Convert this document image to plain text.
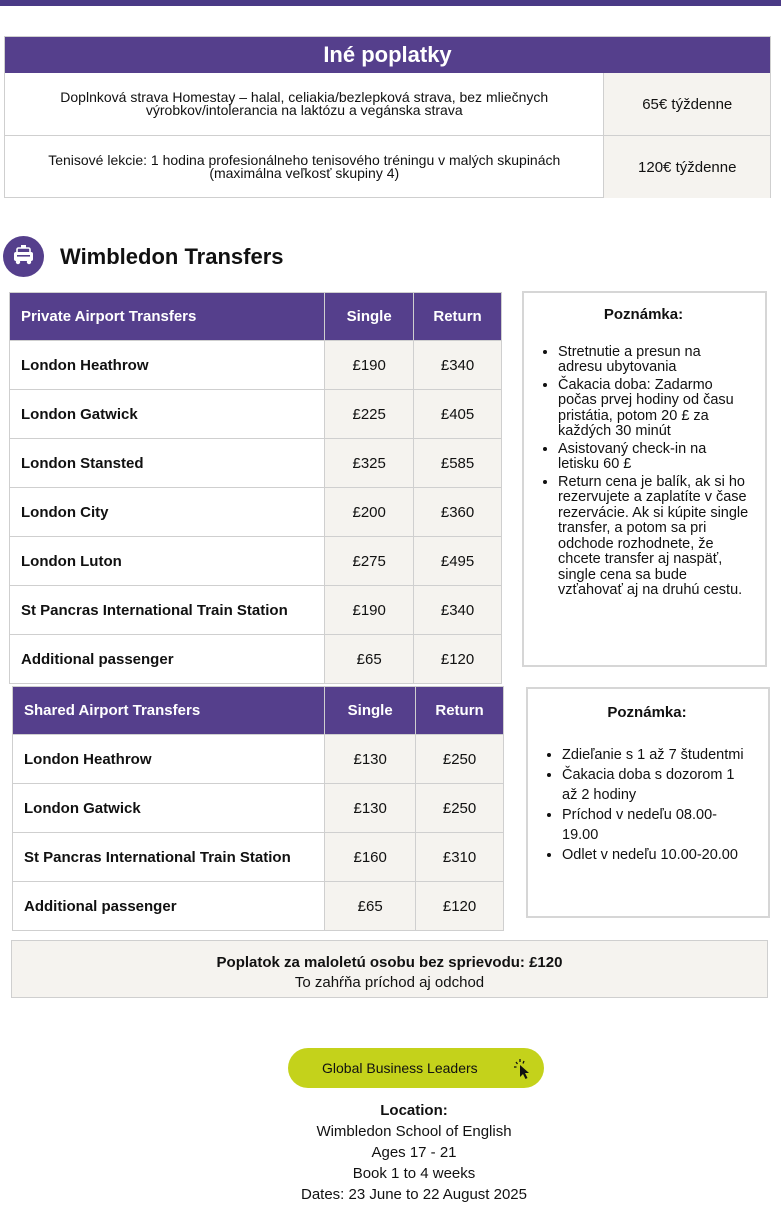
Iné poplatky
Doplnková strava Homestay – halal, celiakia/bezlepková strava, bez mliečnych výrobkov/intolerancia na laktózu a vegánska strava	65€ týždenne
Tenisové lekcie: 1 hodina profesionálneho tenisového tréningu v malých skupinách (maximálna veľkosť skupiny 4)	120€ týždenne
Wimbledon Transfers
Private Airport Transfers	Single	Return
London Heathrow	£190	£340
London Gatwick	£225	£405
London Stansted	£325	£585
London City	£200	£360
London Luton	£275	£495
St Pancras International Train Station	£190	£340
Additional passenger	£65	£120
Poznámka:
• Stretnutie a presun na adresu ubytovania
• Čakacia doba: Zadarmo počas prvej hodiny od času pristátia, potom 20 £ za každých 30 minút
• Asistovaný check-in na letisku 60 £
• Return cena je balík, ak si ho rezervujete a zaplatíte v čase rezervácie. Ak si kúpite single transfer, a potom sa pri odchode rozhodnete, že chcete transfer aj naspäť, single cena sa bude vzťahovať aj na druhú cestu.
Shared Airport Transfers	Single	Return
London Heathrow	£130	£250
London Gatwick	£130	£250
St Pancras International Train Station	£160	£310
Additional passenger	£65	£120
Poznámka:
• Zdieľanie s 1 až 7 študentmi
• Čakacia doba s dozorom 1 až 2 hodiny
• Príchod v nedeľu 08.00-19.00
• Odlet v nedeľu 10.00-20.00
Poplatok za maloletú osobu bez sprievodu: £120
To zahŕňa príchod aj odchod
Global Business Leaders
Location:
Wimbledon School of English
Ages 17 - 21
Book 1 to 4 weeks
Dates: 23 June to 22 August 2025
